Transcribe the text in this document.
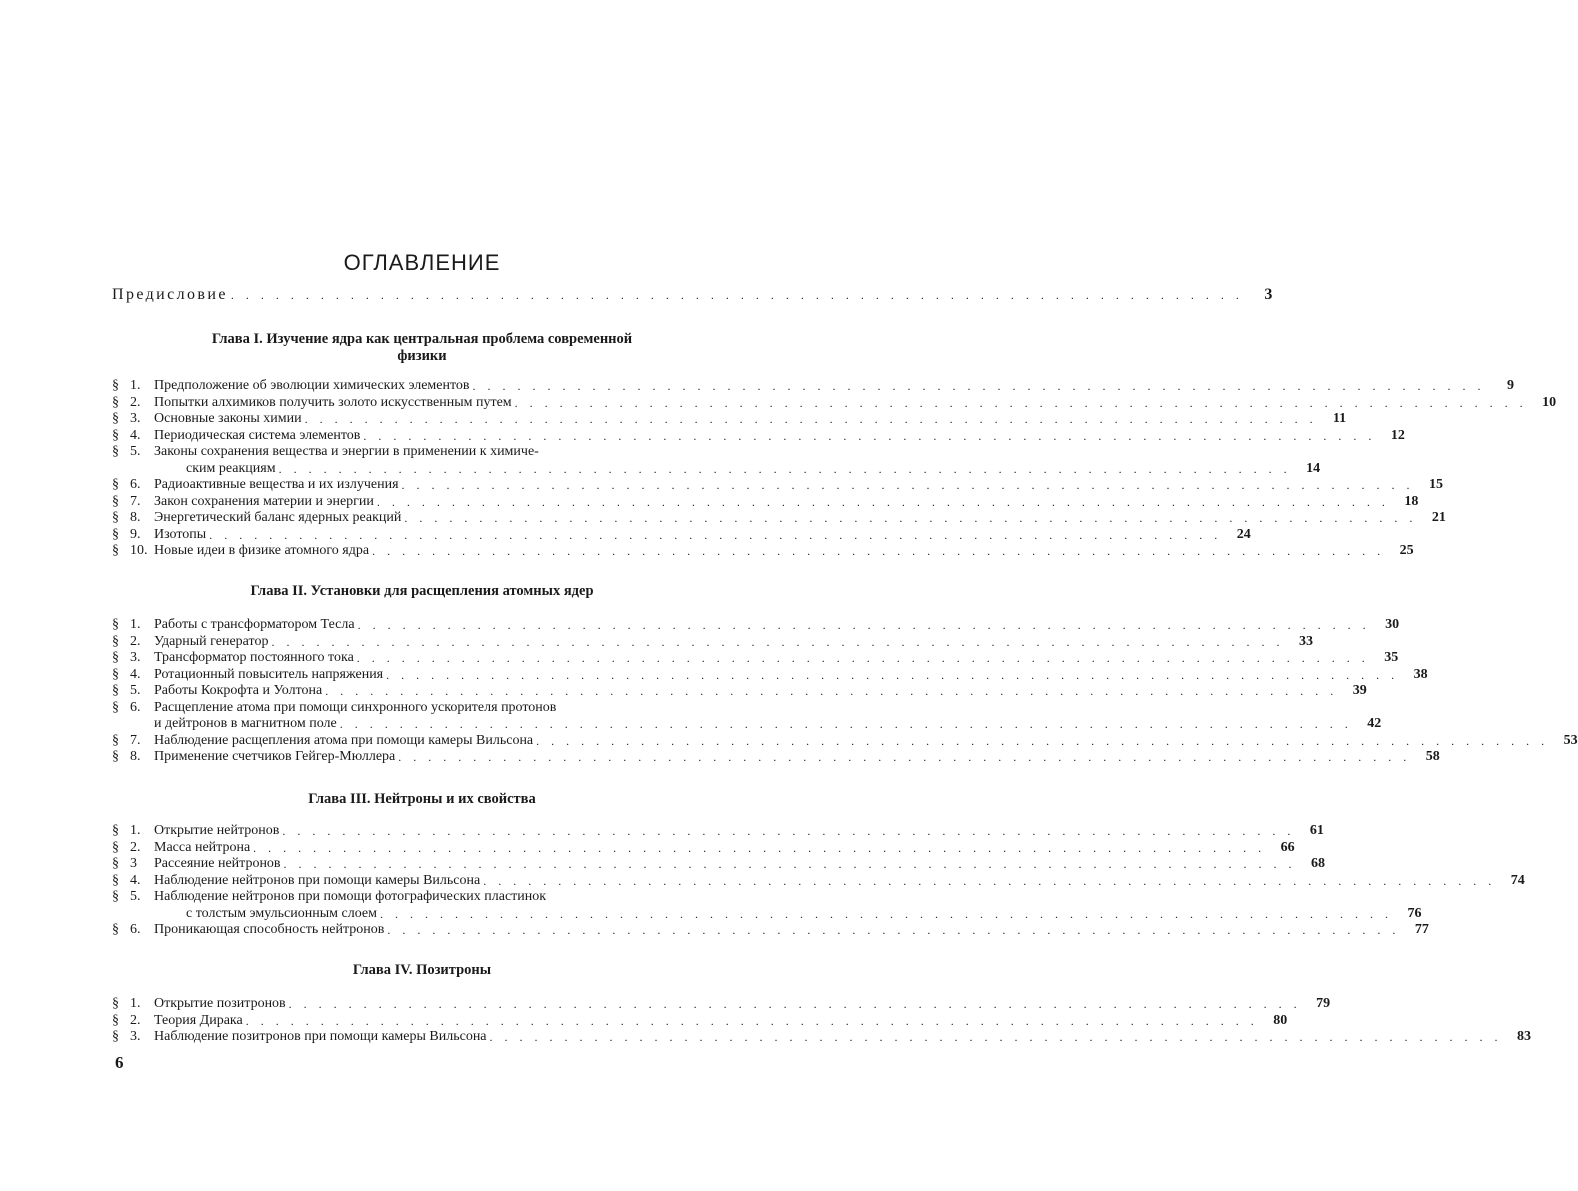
ОГЛАВЛЕНИЕ
Предисловие . . . . . . . . . . . . . . . . . . . . . . . . . . . . . . . . . . . . . . . . . . . . . . . . . . . . . . . . . . . . . . . . . . . .	3
Глава I. Изучение ядра как центральная проблема современной
физики
§ 1. Предположение об эволюции химических элементов . . . . . . . . . . . . . . . . . . . . . . . . . . . . . . . . . . . . . . . . . . . . . . . . . . . . . . . . . . . . . . . . . . . .	9
§ 2. Попытки алхимиков получить золото искусственным путем . . . . . . . . . . . . . . . . . . . . . . . . . . . . . . . . . . . . . . . . . . . . . . . . . . . . . . . . . . . . . . . . . . . .	10
§ 3. Основные законы химии . . . . . . . . . . . . . . . . . . . . . . . . . . . . . . . . . . . . . . . . . . . . . . . . . . . . . . . . . . . . . . . . . . . .	11
§ 4. Периодическая система элементов . . . . . . . . . . . . . . . . . . . . . . . . . . . . . . . . . . . . . . . . . . . . . . . . . . . . . . . . . . . . . . . . . . . .	12
§ 5. Законы сохранения вещества и энергии в применении к химиче-
ским реакциям . . . . . . . . . . . . . . . . . . . . . . . . . . . . . . . . . . . . . . . . . . . . . . . . . . . . . . . . . . . . . . . . . . . .	14
§ 6. Радиоактивные вещества и их излучения . . . . . . . . . . . . . . . . . . . . . . . . . . . . . . . . . . . . . . . . . . . . . . . . . . . . . . . . . . . . . . . . . . . .	15
§ 7. Закон сохранения материи и энергии . . . . . . . . . . . . . . . . . . . . . . . . . . . . . . . . . . . . . . . . . . . . . . . . . . . . . . . . . . . . . . . . . . . .	18
§ 8. Энергетический баланс ядерных реакций . . . . . . . . . . . . . . . . . . . . . . . . . . . . . . . . . . . . . . . . . . . . . . . . . . . . . . . . . . . . . . . . . . . .	21
§ 9. Изотопы . . . . . . . . . . . . . . . . . . . . . . . . . . . . . . . . . . . . . . . . . . . . . . . . . . . . . . . . . . . . . . . . . . . .	24
§ 10. Новые идеи в физике атомного ядра . . . . . . . . . . . . . . . . . . . . . . . . . . . . . . . . . . . . . . . . . . . . . . . . . . . . . . . . . . . . . . . . . . . .	25
Глава II. Установки для расщепления атомных ядер
§ 1. Работы с трансформатором Тесла . . . . . . . . . . . . . . . . . . . . . . . . . . . . . . . . . . . . . . . . . . . . . . . . . . . . . . . . . . . . . . . . . . . .	30
§ 2. Ударный генератор . . . . . . . . . . . . . . . . . . . . . . . . . . . . . . . . . . . . . . . . . . . . . . . . . . . . . . . . . . . . . . . . . . . .	33
§ 3. Трансформатор постоянного тока . . . . . . . . . . . . . . . . . . . . . . . . . . . . . . . . . . . . . . . . . . . . . . . . . . . . . . . . . . . . . . . . . . . .	35
§ 4. Ротационный повыситель напряжения . . . . . . . . . . . . . . . . . . . . . . . . . . . . . . . . . . . . . . . . . . . . . . . . . . . . . . . . . . . . . . . . . . . .	38
§ 5. Работы Кокрофта и Уолтона . . . . . . . . . . . . . . . . . . . . . . . . . . . . . . . . . . . . . . . . . . . . . . . . . . . . . . . . . . . . . . . . . . . .	39
§ 6. Расщепление атома при помощи синхронного ускорителя протонов
и дейтронов в магнитном поле . . . . . . . . . . . . . . . . . . . . . . . . . . . . . . . . . . . . . . . . . . . . . . . . . . . . . . . . . . . . . . . . . . . .	42
§ 7. Наблюдение расщепления атома при помощи камеры Вильсона . . . . . . . . . . . . . . . . . . . . . . . . . . . . . . . . . . . . . . . . . . . . . . . . . . . . . . . . . . . . . . . . . . . .	53
§ 8. Применение счетчиков Гейгер-Мюллера . . . . . . . . . . . . . . . . . . . . . . . . . . . . . . . . . . . . . . . . . . . . . . . . . . . . . . . . . . . . . . . . . . . .	58
Глава III. Нейтроны и их свойства
§ 1. Открытие нейтронов . . . . . . . . . . . . . . . . . . . . . . . . . . . . . . . . . . . . . . . . . . . . . . . . . . . . . . . . . . . . . . . . . . . .	61
§ 2. Масса нейтрона . . . . . . . . . . . . . . . . . . . . . . . . . . . . . . . . . . . . . . . . . . . . . . . . . . . . . . . . . . . . . . . . . . . .	66
§ 3	Рассеяние нейтронов . . . . . . . . . . . . . . . . . . . . . . . . . . . . . . . . . . . . . . . . . . . . . . . . . . . . . . . . . . . . . . . . . . . .	68
§ 4. Наблюдение нейтронов при помощи камеры Вильсона . . . . . . . . . . . . . . . . . . . . . . . . . . . . . . . . . . . . . . . . . . . . . . . . . . . . . . . . . . . . . . . . . . . .	74
§ 5. Наблюдение нейтронов при помощи фотографических пластинок
с толстым эмульсионным слоем . . . . . . . . . . . . . . . . . . . . . . . . . . . . . . . . . . . . . . . . . . . . . . . . . . . . . . . . . . . . . . . . . . . .	76
§ 6. Проникающая способность нейтронов . . . . . . . . . . . . . . . . . . . . . . . . . . . . . . . . . . . . . . . . . . . . . . . . . . . . . . . . . . . . . . . . . . . .	77
Глава IV. Позитроны
§ 1. Открытие позитронов . . . . . . . . . . . . . . . . . . . . . . . . . . . . . . . . . . . . . . . . . . . . . . . . . . . . . . . . . . . . . . . . . . . .	79
§ 2. Теория Дирака . . . . . . . . . . . . . . . . . . . . . . . . . . . . . . . . . . . . . . . . . . . . . . . . . . . . . . . . . . . . . . . . . . . .	80
§ 3. Наблюдение позитронов при помощи камеры Вильсона . . . . . . . . . . . . . . . . . . . . . . . . . . . . . . . . . . . . . . . . . . . . . . . . . . . . . . . . . . . . . . . . . . . .	83
6
